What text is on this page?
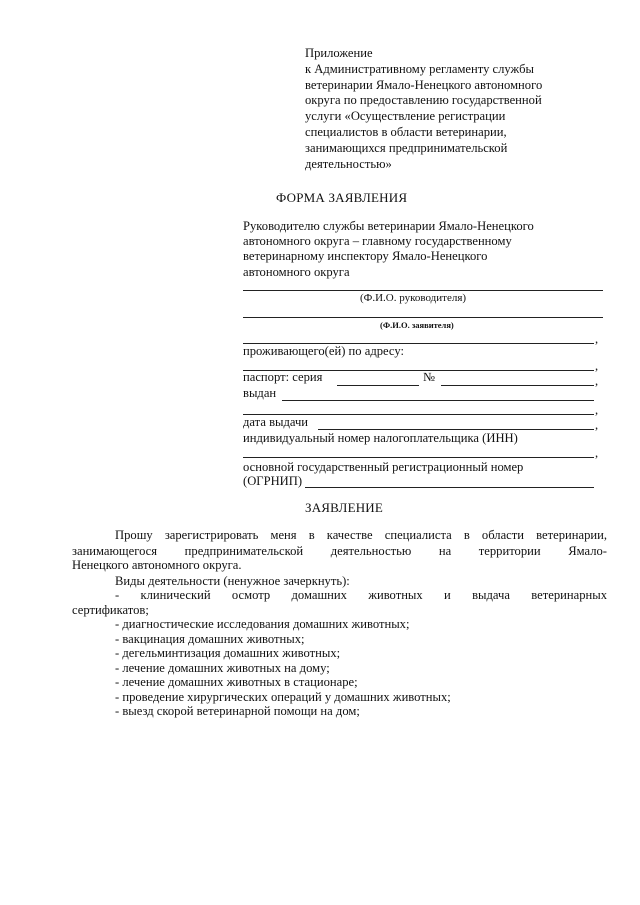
Приложение
к Административному регламенту службы
ветеринарии Ямало-Ненецкого автономного
округа по предоставлению государственной
услуги «Осуществление регистрации
специалистов в области ветеринарии,
занимающихся предпринимательской
деятельностью»
ФОРМА ЗАЯВЛЕНИЯ
Руководителю службы ветеринарии Ямало-Ненецкого
автономного округа – главному государственному
ветеринарному инспектору Ямало-Ненецкого
автономного округа
(Ф.И.О. руководителя)
(Ф.И.О. заявителя)
,
проживающего(ей) по адресу:
,
паспорт: серия	№	,
выдан
,
дата выдачи	,
индивидуальный номер налогоплательщика (ИНН)
,
основной государственный регистрационный номер
(ОГРНИП)
ЗАЯВЛЕНИЕ
Прошу зарегистрировать меня в качестве специалиста в области ветеринарии,
занимающегося предпринимательской деятельностью на территории Ямало-
Ненецкого автономного округа.
Виды деятельности (ненужное зачеркнуть):
- клинический осмотр домашних животных и выдача ветеринарных
сертификатов;
- диагностические исследования домашних животных;
- вакцинация домашних животных;
- дегельминтизация домашних животных;
- лечение домашних животных на дому;
- лечение домашних животных в стационаре;
- проведение хирургических операций у домашних животных;
- выезд скорой ветеринарной помощи на дом;
